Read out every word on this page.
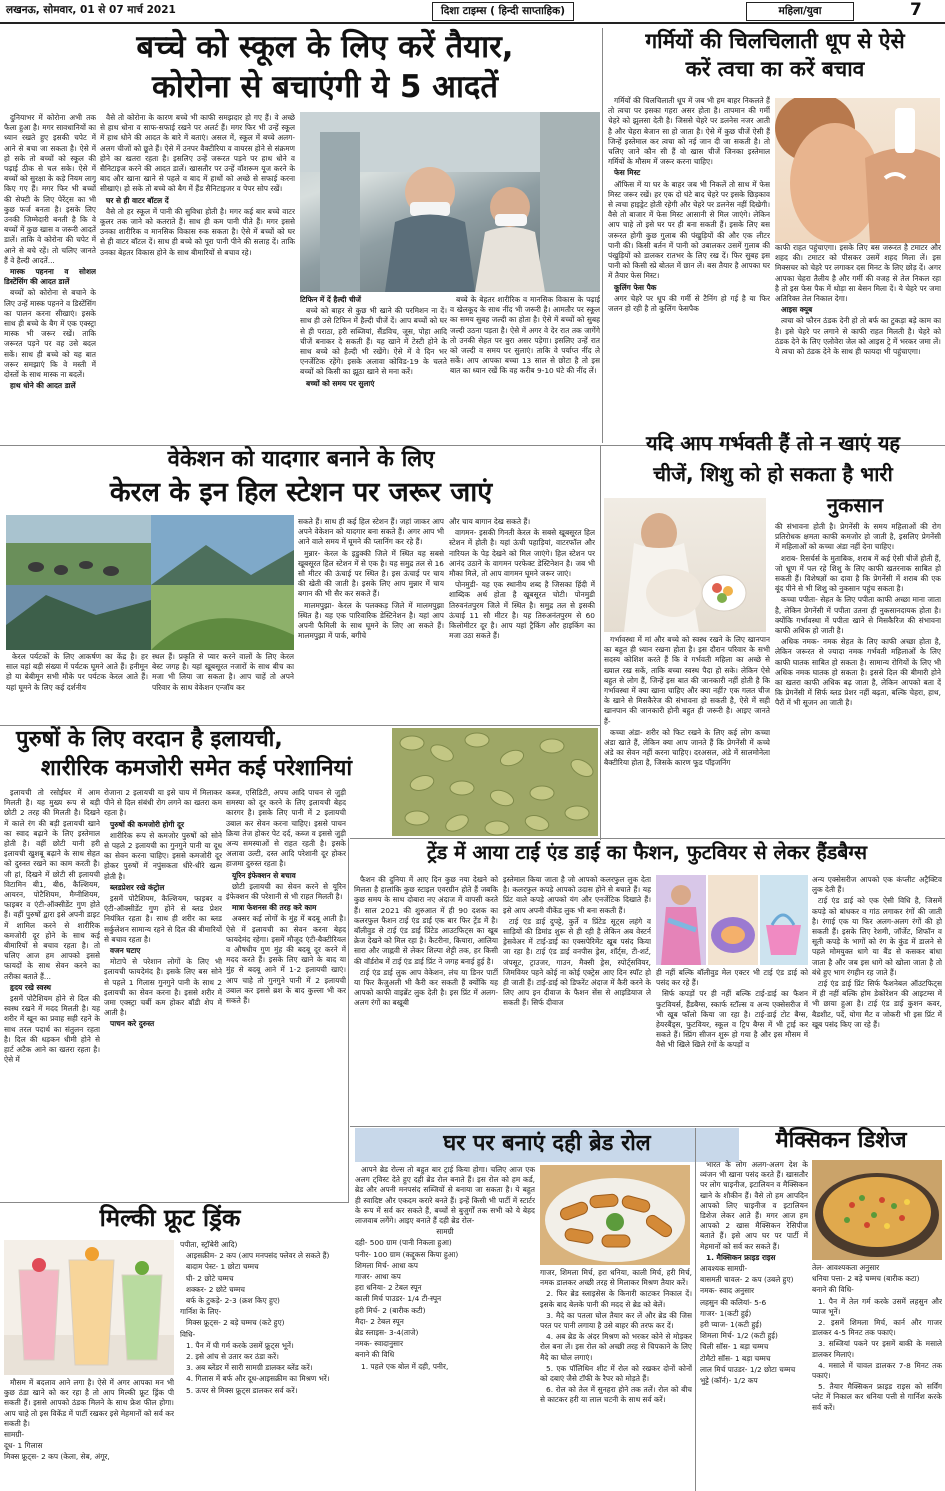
लखनऊ, सोमवार, 01 से 07 मार्च 2021	दिशा टाइम्स ( हिन्दी साप्ताहिक)	महिला/युवा	7
बच्चे को स्कूल के लिए करें तैयार,
कोरोना से बचाएंगी ये 5 आदतें

दुनियाभर में कोरोना अभी तक फैला हुआ है। मगर सावधानियों का ध्यान रखते हुए इसकी चपेट में आने से बचा जा सकता है। ऐसे में हो सके तो बच्चों को स्कूल की पढ़ाई ठीक से चल सके। ऐसे में बच्चों को सुरक्षा के कड़े नियम लागू किए गए हैं। मगर फिर भी बच्चों की सेफ्टी के लिए पेरेंट्स का भी कुछ फर्ज बनता है। इसके लिए उनकी जिम्मेदारी बनती है कि वे बच्चों में कुछ खास व जरूरी आदतें डालें। ताकि वे कोरोना की चपेट में आने से बचे रहें। तो चलिए जानते हैं वे हैल्दी आदतें...

मास्क पहनना व सोशल डिस्टेंसिंग की आदत डालें

बच्चों को कोरोना से बचाने के लिए उन्हें मास्क पहनने व डिस्टेंसिंग का पालन करना सीखाएं। इसके साथ ही बच्चे के बैग में एक एक्स्ट्रा मास्क भी जरूर रखें। ताकि जरूरत पड़ने पर वह उसे बदल सकें। साथ ही बच्चे को यह बात जरूर समझाएं कि वे मस्ती में दोस्तों के साथ मास्क ना बदलें।

हाथ धोने की आदत डालें

वैसे तो कोरोना के कारण बच्चे भी काफी समझदार हो गए हैं। वे अच्छे से हाथ धोना व साफ-सफाई रखने पर अलर्ट हैं। मगर फिर भी उन्हें स्कूल में हाथ धोने की आदत के बारे में बताएं। असल में, स्कूल में बच्चे अलग-अलग चीजों को छूते हैं। ऐसे में उनपर वैक्टीरिया व वायरस होने से संक्रमण होने का खतरा रहता है। इसलिए उन्हें जरूरत पड़ने पर हाथ धोने व सैनिटाइज करने की आदत डालें। खासतौर पर उन्हें वॉशरूम यूज करने के बाद और खाना खाने से पहले व बाद में हाथों को अच्छे से सफाई करना सीखाएं। हो सके तो बच्चे को बैग में हैंड सैनिटाइजर व पेपर सोप रखें।

घर से ही वाटर बॉटल दें

वैसे तो हर स्कूल में पानी की सुविधा होती है। मगर कई बार बच्चे वाटर कूलर तक जाने को कतराते हैं। साथ ही कम पानी पीते हैं। मगर इससे उनका शारीरिक व मानसिक विकास रुक सकता है। ऐसे में बच्चों को घर से ही वाटर बॉटल दें। साथ ही बच्चे को पूरा पानी पीने की सलाह दें। ताकि उनका बेहतर विकास होने के साथ बीमारियों से बचाव रहे।

टिफिन में दें हैल्दी चीजें

बच्चे को बाहर से कुछ भी खाने की परमिशन ना दें। साथ ही उसे टिफिन में हैल्दी चीजें दें। आप बच्चों को घर से ही पराठा, हरी सब्जियां, सैंडविच, जूस, पोहा आदि चीजें बनाकर दे सकती हैं। यह खाने में टेस्टी होने के साथ बच्चे को हैल्दी भी रखेंगे। ऐसे में वे दिन भर एनर्जेटिक रहेंगे। इसके अलावा कोविड-19 के चलते बच्चों को किसी का झूठा खाने से मना करें।

बच्चों को समय पर सुलाएं

बच्चे के बेहतर शारीरिक व मानसिक विकास के पढ़ाई व खेलकूद के साथ नींद भी जरूरी है। आमतौर पर स्कूल का समय सुबह जल्दी का होता है। ऐसे में बच्चों को सुबह जल्दी उठना पड़ता है। ऐसे में अगर वे देर रात तक जागेंगे तो उनकी सेहत पर बुरा असर पड़ेगा। इसलिए उन्हें रात को जल्दी व समय पर सुलाएं। ताकि वे पर्याप्त नींद ले सकें। आप आपका बच्चा 13 साल से छोटा है तो इस बात का ध्यान रखें कि वह करीब 9-10 घंटे की नींद लें।

गर्मियों की चिलचिलाती धूप से ऐसे
करें त्वचा का करें बचाव

गर्मियों की चिलचिलाती धूप में जब भी हम बाहर निकलते हैं तो त्वचा पर इसका गहरा असर होता है। तापमान की गर्मी चेहरे को झुलसा देती है। जिससे चेहरे पर डलनेस नजर आती है और चेहरा बेजान सा हो जाता है। ऐसे में कुछ चीजें ऐसी हैं जिन्हें इस्तेमाल कर त्वचा को नई जान दी जा सकती है। तो चलिए जाने कौन सी हैं वो खास चीजें जिनका इस्तेमाल गर्मियों के मौसम में जरूर करना चाहिए।

फेस मिस्ट

ऑफिस में या घर के बाहर जब भी निकलें तो साथ में फेस मिस्ट जरूर रखें। हर एक दो घंटे बाद चेहरे पर इसके छिड़काव से त्वचा हाइड्रेट होती रहेगी और चेहरे पर डलनेस नहीं दिखेगी। वैसे तो बाजार में फेस मिस्ट आसानी से मिल जाएंगे। लेकिन आप चाहे तो इसे घर पर ही बना सकती हैं। इसके लिए बस जरूरत होगी कुछ गुलाब की पंखुड़ियों की और एक लीटर पानी की। किसी बर्तन में पानी को उबालकर उसमें गुलाब की पंखुड़ियों को डालकर रातभर के लिए रख दें। फिर सुबह इस पानी को किसी स्प्रे बोतल में छान लें। बस तैयार है आपका घर में तैयार फेस मिस्ट।

कूलिंग फेस पैक

अगर चेहरे पर धूप की गर्मी से टैनिंग हो गई है या फिर जलन हो रही है तो कूलिंग फेसपैक

काफी राहत पहुंचाएगा। इसके लिए बस जरूरत है टमाटर और शहद की। टमाटर को पीसकर उसमें शहद मिला लें। इस मिक्सचर को चेहरे पर लगाकर दस मिनट के लिए छोड़ दें। अगर आपका चेहरा तैलीय है और गर्मी की वजह से तेल निकल रहा है तो इस फेस पैक में थोड़ा सा बेसन मिला दें। ये चेहरे पर जमा अतिरिक्त तेल निकाल देगा।

आइस क्यूब

त्वचा को फौरन ठंडक देनी हो तो बर्फ का टुकड़ा बड़े काम का है। इसे चेहरे पर लगाने से काफी राहत मिलती है। चेहरे को ठंडक देने के लिए एलोवेरा जेल को आइस ट्रे में भरकर जमा लें। ये त्वचा को ठंडक देने के साथ ही फायदा भी पहुंचाएगा।

वेकेशन को यादगार बनाने के लिए
केरल के इन हिल स्टेशन पर जरूर जाएं

केरल पर्यटकों के लिए आकर्षण का केंद्र है। हर साल यहां बड़ी संख्या में पर्यटक घूमने आते हैं। हनीमून हो या बेबीमून सभी मौके पर पर्यटक केरल आते हैं। यहां घूमने के लिए कई दर्शनीय

स्थल हैं। प्रकृति से प्यार करने वालों के लिए केरल बेस्ट जगह है। यहां खूबसूरत नजारों के साथ बीच का मजा भी लिया जा सकता है। आप चाहें तो अपने परिवार के साथ वेकेशन एन्जॉय कर

सकते हैं। साथ ही कई हिल स्टेशन हैं। जहां जाकर आप अपने वेकेशन को यादगार बना सकते हैं। अगर आप भी आने वाले समय में घूमने की प्लानिंग कर रहे हैं।

मुन्नार- केरल के इडुक्की जिले में स्थित यह सबसे खूबसूरत हिल स्टेशन में से एक है। यह समुद्र तल से 16 सौ मीटर की ऊंचाई पर स्थित है। इस ऊंचाई पर चाय की खेती की जाती है। इसके लिए आप मुन्नार में चाय बगान की भी सैर कर सकते हैं।

मालमपुझा- केरल के पलक्कड़ जिले में मालमपुझा स्थित है। यह एक पारिवारिक डेस्टिनेशन है। यहां आप अपनी फैमिली के साथ घूमने के लिए आ सकते हैं। मालमपुझा में पार्क, बगीचे

और चाय बागान देख सकते हैं।

वागमन- इसकी गिनती केरल के सबसे खूबसूरत हिल स्टेशन में होती है। यहां ऊंची पहाड़ियां, वाटरफॉल और नारियल के पेड़ देखने को मिल जाएंगे। हिल स्टेशन पर आनंद उठाने के वागमन परफेक्ट डेस्टिनेशन है। जब भी मौका मिले, तो आप वागमन घूमने जरूर जाएं।

पोनमुडी- यह एक स्थानीय शब्द है जिसका हिंदी में शाब्दिक अर्थ होता है खूबसूरत चोटी। पोनमुडी तिरुवनंतपुरम जिले में स्थित है। समुद्र तल से इसकी ऊंचाई 11 सौ मीटर है। यह तिरुअनंतपुरम से 60 किलोमीटर दूर है। आप यहां ट्रैकिंग और हाइकिंग का मजा उठा सकते हैं।

यदि आप गर्भवती हैं तो न खाएं यह
चीजें, शिशु को हो सकता है भारी
नुकसान

गर्भावस्था में मां और बच्चे को स्वस्थ रखने के लिए खानपान का बहुत ही ध्यान रखना होता है। इस दौरान परिवार के सभी सदस्य कोशिश करते हैं कि वे गर्भवती महिला का अच्छे से ख्याल रख सकें, ताकि बच्चा स्वस्थ पैदा हो सके। लेकिन ऐसे बहुत से लोग हैं, जिन्हें इस बात की जानकारी नहीं होती है कि गर्भावस्था में क्या खाना चाहिए और क्या नहीं? एक गलत चीज के खाने से मिसकैरेज की संभावना हो सकती है, ऐसे में सही खानपान की जानकारी होनी बहुत ही जरूरी है। आइए जानते हैं-

कच्चा अंडा- शरीर को फिट रखने के लिए कई लोग कच्चा अंडा खाते हैं, लेकिन क्या आप जानते हैं कि प्रेगनेंसी में कच्चे अंडे का सेवन नहीं करना चाहिए। दरअसल, अंडे में सालमोनेला बैक्टीरिया होता है, जिसके कारण फूड पॉइजनिंग

की संभावना होती है। प्रेगनेंसी के समय महिलाओं की रोग प्रतिरोधक क्षमता काफी कमजोर हो जाती है, इसलिए प्रेगनेंसी में महिलाओं को कच्चा अंडा नहीं देना चाहिए।

शराब- रिसर्चर्स के मुताबिक, शराब में कई ऐसी चीजें होती हैं, जो भ्रूण में पल रहे शिशु के लिए काफी खतरनाक साबित हो सकती हैं। विशेषज्ञों का दावा है कि प्रेगनेंसी में शराब की एक बूंद पीने से भी शिशु को नुकसान पहुंच सकता है।

कच्चा पपीता- सेहत के लिए पपीता काफी अच्छा माना जाता है, लेकिन प्रेगनेंसी में पपीता उतना ही नुकसानदायक होता है। क्योंकि गर्भावस्था में पपीता खाने से मिसकैरिज की संभावना काफी अधिक हो जाती है।

अधिक नमक- नमक सेहत के लिए काफी अच्छा होता है, लेकिन जरूरत से ज्यादा नमक गर्भवती महिलाओं के लिए काफी घातक साबित हो सकता है। सामान्य रोगियों के लिए भी अधिक नमक घातक हो सकता है। इससे दिल की बीमारी होने का खतरा काफी अधिक बढ़ जाता है, लेकिन आपको बता दें कि प्रेगनेंसी में सिर्फ ब्लड प्रेशर नहीं बढ़ता, बल्कि चेहरा, हाथ, पैरों में भी सूजन आ जाती है।

पुरुषों के लिए वरदान है इलायची,
शारीरिक कमजोरी समेत कई परेशानियां

इलायची तो रसोईघर में आम मिलती है। यह मुख्य रूप से बड़ी छोटी 2 तरह की मिलती है। दिखने में काले रंग की बड़ी इलायची खाने का स्वाद बढ़ाने के लिए इस्तेमाल होती है। वहीं छोटी यानी हरी इलायची खुशबू बढ़ाने के साथ सेहत को दुरुस्त रखने का काम करती है। जी हां, दिखने में छोटी सी इलायची विटामिन बी1, बी6, कैल्शियम, आयरन, पोटैशियम, मैग्नीशियम, फाइबर व एंटी-ऑक्सीडेंट गुण होते हैं। वहीं पुरुषों द्वारा इसे अपनी डाइट में शामिल करने से शारीरिक कमजोरी दूर होने के साथ कई बीमारियों से बचाव रहता है। तो चलिए आज हम आपको इससे फायदों के साथ सेवन करने का तरीका बताते हैं...

हृदय रखे स्वस्थ

इसमें पोटैशियम होने से दिल की स्वस्थ रखने में मदद मिलती है। यह शरीर में खून का प्रवाह सही रहने के साथ तरल पदार्थ का संतुलन रहता है। दिल की धड़कन धीमी होने से हार्ट अटैक आने का खतरा रहता है। ऐसे में

रोजाना 2 इलायची या इसे चाय में मिलाकर पीने से दिल संबंधी रोग लगने का खतरा कम रहता है।

पुरुषों की कमजोरी होगी दूर

शारीरिक रूप से कमजोर पुरुषों को सोने से पहले 2 इलायची का गुनगुने पानी या दूध का सेवन करना चाहिए। इससे कमजोरी दूर होकर पुरुषों में नपुंसकता धीरे-धीरे खत्म होती है।

ब्लडप्रेशर रखे कंट्रोल

इसमें पोटैशियम, कैल्शियम, फाइबर व एंटी-ऑक्सीडेंट गुण होने से ब्लड प्रेशर नियंत्रित रहता है। साथ ही शरीर का ब्लड सर्कुलेशन सामान्य रहने से दिल की बीमारियों से बचाव रहता है।

वजन घटाए

मोटापे से परेशान लोगों के लिए भी इलायची फायदेमंद है। इसके लिए बस सोने से पहले 1 गिलास गुनगुने पानी के साथ 2 इलायची का सेवन करना है। इससे शरीर में जमा एक्स्ट्रा चर्बी कम होकर बॉडी शेप में आती है।

पाचन करे दुरुस्त

कब्ज, एसिडिटी, अपच आदि पाचन से जुड़ी समस्या को दूर करने के लिए इलायची बेहद कारगर है। इसके लिए पानी में 2 इलायची उबाल कर सेवन करना चाहिए। इससे पाचन क्रिया तेज होकर पेट दर्द, कब्ज व इससे जुड़ी अन्य समस्याओं से राहत रहती है। इसके अलावा उल्टी, दस्त आदि परेशानी दूर होकर हाजमा दुरुस्त रहता है।

यूरिन इंफेक्शन से बचाव

छोटी इलायची का सेवन करने से यूरिन इंफेक्शन की परेशानी से भी राहत मिलती है।

मात्रा फेशनस की तरह करे काम

अक्सर कई लोगों के मुंह में बदबू आती है। ऐसे में इलायची का सेवन करना बेहद फायदेमंद रहेगा। इसमें मौजूद एंटी-बैक्टीरियल व औषधीय गुण मुंह की बदबू दूर करने में मदद करते हैं। इसके लिए खाने के बाद या मुंह से बदबू आने में 1-2 इलायची खाएं। आप चाहे तो गुनगुने पानी में 2 इलायची उबाल कर इससे ब्रश के बाद कुल्ला भी कर सकते हैं।

ट्रेंड में आया टाई एंड डाई का फैशन, फुटवियर से लेकर हैंडबैग्स

फैशन की दुनिया में आए दिन कुछ नया देखने को मिलता है हालांकि कुछ स्टाइल एवरग्रीन होते हैं जबकि कुछ समय के साथ दोबारा नए अंदाज में वापसी करते हैं। साल 2021 की शुरुआत में ही 90 दशक का कलरफुल फैशन टाई एंड डाई एक बार फिर ट्रेंड में है। बॉलीवुड से टाई एंड डाई प्रिंटेड आउटफिट्स का खूब क्रेज देखने को मिल रहा है। कैटरीना, कियारा, आलिया सारा और जाह्नवी से लेकर शिल्पा शेट्टी तक, हर किसी की वॉर्डरोब में टाई एंड डाई प्रिंट ने जगह बनाई हुई है।

टाई एंड डाई लुक आप वेकेशन, लंच या डिनर पार्टी या फिर कैजुअली भी कैरी कर सकती हैं क्योंकि यह आपको काफी वाइब्रेंट लुक देती है। इस प्रिंट में अलग-अलग रंगों का बखूबी

इस्तेमाल किया जाता है जो आपको कलरफुल लुक देता है। कलरफुल कपड़े आपको उदास होने से बचाते हैं। यह प्रिंट वाले कपड़े आपको यंग और एनर्जेटिक दिखाते हैं। इसे आप अपनी वीकेंड लुक भी बना सकती हैं।

टाई एंड डाई दुपट्टे, कुर्ते व प्रिंटेड सूट्स लहंगे व साड़ियों की डिमांड शुरू से ही रही है लेकिन अब वेस्टर्न ड्रेसवेअर में टाई-डाई का एक्सपेरिमेंट खूब पसंद किया जा रहा है। टाई एंड डाई वनपीस ड्रेस, शॉर्ट्स, टी-शर्ट, जंपसूट, ट्राउजर, गाउन, मैक्सी ड्रेस, स्पोर्ट्सवियर, जिमवियर पहने कोई ना कोई एक्ट्रेस आए दिन स्पॉट हो ही जाती हैं। टाई-डाई को डिफरेंट अंदाज में कैरी करने के लिए आप इन दीवाज के फैशन सेंस से आइडियाज ले सकती हैं। सिर्फ दीवाज

ही नहीं बल्कि बॉलीवुड मेल एक्टर भी टाई एंड डाई को पसंद कर रहे हैं।

सिर्फ कपड़ों पर ही नहीं बल्कि टाई-डाई का फैशन फुटवियर्स, हैंडबैग्स, स्कार्फ स्टॉल्स व अन्य एक्सेसरीज में भी खूब फॉलो किया जा रहा है। टाई-डाई टोट बैग्स, हेयरबैंड्स, फुटवियर, स्कूल व ट्रिप बैग्स में भी ट्राई कर सकते हैं। स्प्रिंग सीजन शुरू हो गया है और इस मौसम में वैसे भी खिले खिले रंगों के कपड़ों व

अन्य एक्सेसरीज आपको एक कंप्लीट अट्रैक्टिव लुक देती हैं।

टाई एंड डाई को एक ऐसी विधि है, जिसमें कपड़े को बांधकर व गांठ लगाकर रंगों की जाती है। रंगाई एक या फिर अलग-अलग रंगों की हो सकती हैं। इसके लिए रेशमी, जॉर्जेट, शिफॉन व सूती कपड़े के भागों को रंग के कुंड में डालने से पहले मोमयुक्त धागे या बैंड से कसकर बांधा जाता है और जब इस धागे को खोला जाता है तो बंधे हुए भाग रंगहीन रह जाते हैं।

टाई एंड डाई प्रिंट सिर्फ फैशनेबल ऑउटफिट्स में ही नहीं बल्कि होम डेकोरेशन की आइटम्स में भी छाया हुआ है। टाई एंड डाई कुशन कवर, बैडशीट, पर्दे, योगा मैट व जोकरी भी इस प्रिंट में खूब पसंद किए जा रहे हैं।

घर पर बनाएं दही ब्रेड रोल

आपने ब्रेड रोल्स तो बहुत बार ट्राई किया होगा। चलिए आज एक अलग ट्विस्ट देते हुए दही ब्रेड रोल बनाते हैं। इस रोल को हम कर्ड, ब्रेड और अपनी मनपसंद सब्जियों से बनाया जा सकता है। ये बहुत ही स्वादिष्ट और एकदम करारे बनते हैं। इन्हें किसी भी पार्टी में स्टार्टर के रूप में सर्व कर सकते हैं, बच्चों से बुजुर्गों तक सभी को ये बेहद लाजवाब लगेंगे। आइए बनाते हैं दही ब्रेड रोल-

सामग्री

दही- 500 ग्राम (पानी निकला हुआ)

पनीर- 100 ग्राम (कद्दूकस किया हुआ)

शिमला मिर्च- आधा कप

गाजर- आधा कप

हरा धनिया- 2 टेबल स्पून

काली मिर्च पाउडर- 1/4 टी-स्पून

हरी मिर्च- 2 (बारीक कटी)

मैदा- 2 टेबल स्पून

ब्रेड स्लाइस- 3-4(ताजे)

नमक- स्वादानुसार

बनाने की विधि

1. पहले एक बोल में दही, पनीर,

गाजर, शिमला मिर्च, हरा धनिया, काली मिर्च, हरी मिर्च, नमक डालकर अच्छी तरह से मिलाकर मिश्रण तैयार करें।

2. फिर ब्रेड स्लाइसेस के किनारी काटकर निकाल दें। इसके बाद बेलके पानी की मदद से ब्रेड को बेलें।

3. मैदे का पतला घोल तैयार कर लें और ब्रेड की जिस परत पर पानी लगाया है उसे बाहर की तरफ कर दें।

4. अब ब्रेड के अंदर मिश्रण को भरकर कोने से मोड़कर रोल बना लें। इस रोल को अच्छी तरह से चिपकाने के लिए मैदे का घोल लगाएं।

5. एक पॉलिथिन शीट में रोल को रखकर दोनों कोनों को दबाएं जैसे टॉफी के रैपर को मोड़ते हैं।

6. रोल को तेल में सुनहरा होने तक तलें। रोल को बीच से काटकर हरी या लाल चटनी के साथ सर्व करें।

मैक्सिकन डिशेज

भारत के लोग अलग-अलग देश के व्यंजन भी खाना पसंद करते हैं। खासतौर पर लोग चाइनीज, इटालियन व मैक्सिकन खाने के शौकीन हैं। वैसे तो हम आपदिन आपको लिए चाइनीज व इटालियन डिशेज लेकर आते हैं। मगर आज हम आपको 2 खास मैक्सिकन रेसिपीज बताते हैं। इसे आप घर पर पार्टी में मेहमानों को सर्व कर सकते हैं।

1. मैक्सिकन फ्राइड राइस

आवश्यक सामग्री-

बासमती चावल- 2 कप (उबले हुए)

नमक- स्वाद अनुसार

लहसुन की कलियां- 5-6

गाजर- 1(कटी हुई)

हरी प्याज- 1(कटी हुई)

शिमला मिर्च- 1/2 (कटी हुई)

चिली सॉस- 1 बड़ा चम्मच

टोमैटो सॉस- 1 बड़ा चम्मच

लाल मिर्च पाउडर- 1/2 छोटा चम्मच

भुट्टे (कॉर्न)- 1/2 कप

तेल- आवश्यकता अनुसार

धनिया पत्ता- 2 बड़े चम्मच (बारीक कटा)

बनाने की विधि-

1. पैन में तेल गर्म करके उसमें लहसुन और प्याज भूनें।

2. इसमें शिमला मिर्च, कार्न और गाजर डालकर 4-5 मिनट तक पकाएं।

3. सब्जियां पकने पर इसमें बाकी के मसाले डालकर मिलाएं।

4. मसाले में चावल डालकर 7-8 मिनट तक पकाएं।

5. तैयार मैक्सिकन फ्राइड राइस को सर्विंग प्लेट में निकाल कर धनिया पत्ती से गार्निश करके सर्व करें।

मिल्की फ्रूट ड्रिंक

मौसम में बदलाव आने लगा है। ऐसे में अगर आपका मन भी कुछ ठंडा खाने को कर रहा है तो आप मिल्की फ्रूट ड्रिंक पी सकती हैं। इससे आपको ठंडक मिलने के साथ फ्रेश फील होगा। आप चाहे तो इस विकेंड में पार्टी रखकर इसे मेहमानों को सर्व कर सकती है।

सामग्री-

दूध- 1 गिलास

मिक्स फ्रूट्स- 2 कप (केला, सेब, अंगूर,

पपीता, स्ट्रॉबेरी आदि)

आइसक्रीम- 2 कप (आप मनपसंद फ्लेवर ले सकते हैं)

बादाम पेस्ट- 1 छोटा चम्मच

घी- 2 छोटे चम्मच

शक्कर- 2 छोटे चम्मच

बर्फ के टुकड़े- 2-3 (क्रश किए हुए)

गार्निश के लिए-

मिक्स फ्रूट्स- 2 बड़े चम्मच (कटे हुए)

विधि-

1. पैन में घी गर्म करके उसमें फ्रूट्स भूनें।

2. इसे आंच से उतार कर ठंडा करें।

3. अब ब्लेंडर में सारी सामग्री डालकर ब्लेंड करें।

4. गिलास में बर्फ और दूध-आइसक्रीम का मिश्रण भरें।

5. ऊपर से मिक्स फ्रूट्स डालकर सर्व करें।
